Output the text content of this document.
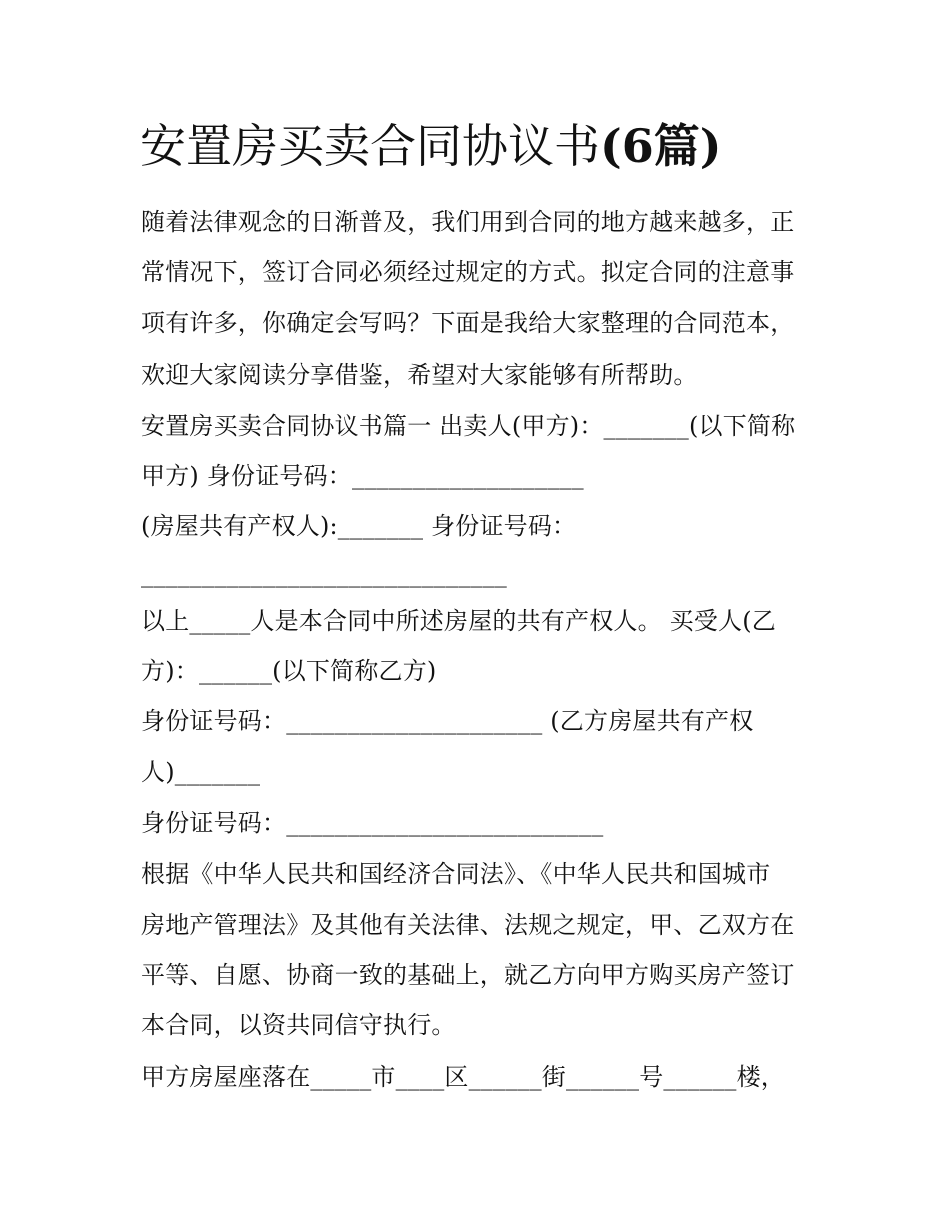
安置房买卖合同协议书(6篇)

随着法律观念的日渐普及，我们用到合同的地方越来越多，正

常情况下，签订合同必须经过规定的方式。拟定合同的注意事

项有许多，你确定会写吗？下面是我给大家整理的合同范本，

欢迎大家阅读分享借鉴，希望对大家能够有所帮助。

安置房买卖合同协议书篇一 出卖人(甲方)：_______(以下简称

甲方) 身份证号码：___________________

(房屋共有产权人):_______ 身份证号码：

______________________________

以上_____人是本合同中所述房屋的共有产权人。 买受人(乙

方)：______(以下简称乙方)

身份证号码：_____________________ (乙方房屋共有产权

人)_______

身份证号码：__________________________

根据《中华人民共和国经济合同法》、《中华人民共和国城市

房地产管理法》及其他有关法律、法规之规定，甲、乙双方在

平等、自愿、协商一致的基础上，就乙方向甲方购买房产签订

本合同，以资共同信守执行。

甲方房屋座落在_____市____区______街______号______楼，
